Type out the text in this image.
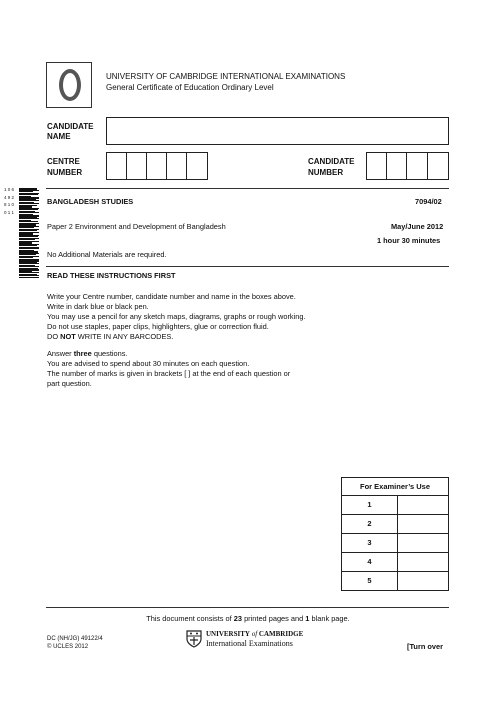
UNIVERSITY OF CAMBRIDGE INTERNATIONAL EXAMINATIONS
General Certificate of Education Ordinary Level
CANDIDATE
NAME
CENTRE
NUMBER
CANDIDATE
NUMBER
1 0 6 4 9 2 8 1 0 0 1 1
BANGLADESH STUDIES	7094/02
Paper 2 Environment and Development of Bangladesh	May/June 2012
1 hour 30 minutes
No Additional Materials are required.
READ THESE INSTRUCTIONS FIRST
Write your Centre number, candidate number and name in the boxes above.
Write in dark blue or black pen.
You may use a pencil for any sketch maps, diagrams, graphs or rough working.
Do not use staples, paper clips, highlighters, glue or correction fluid.
DO NOT WRITE IN ANY BARCODES.
Answer three questions.
You are advised to spend about 30 minutes on each question.
The number of marks is given in brackets [ ] at the end of each question or
part question.
For Examiner’s Use
1
2
3
4
5
This document consists of 23 printed pages and 1 blank page.
DC (NH/JG) 49122/4
© UCLES 2012
UNIVERSITY of CAMBRIDGE
International Examinations	[Turn over
